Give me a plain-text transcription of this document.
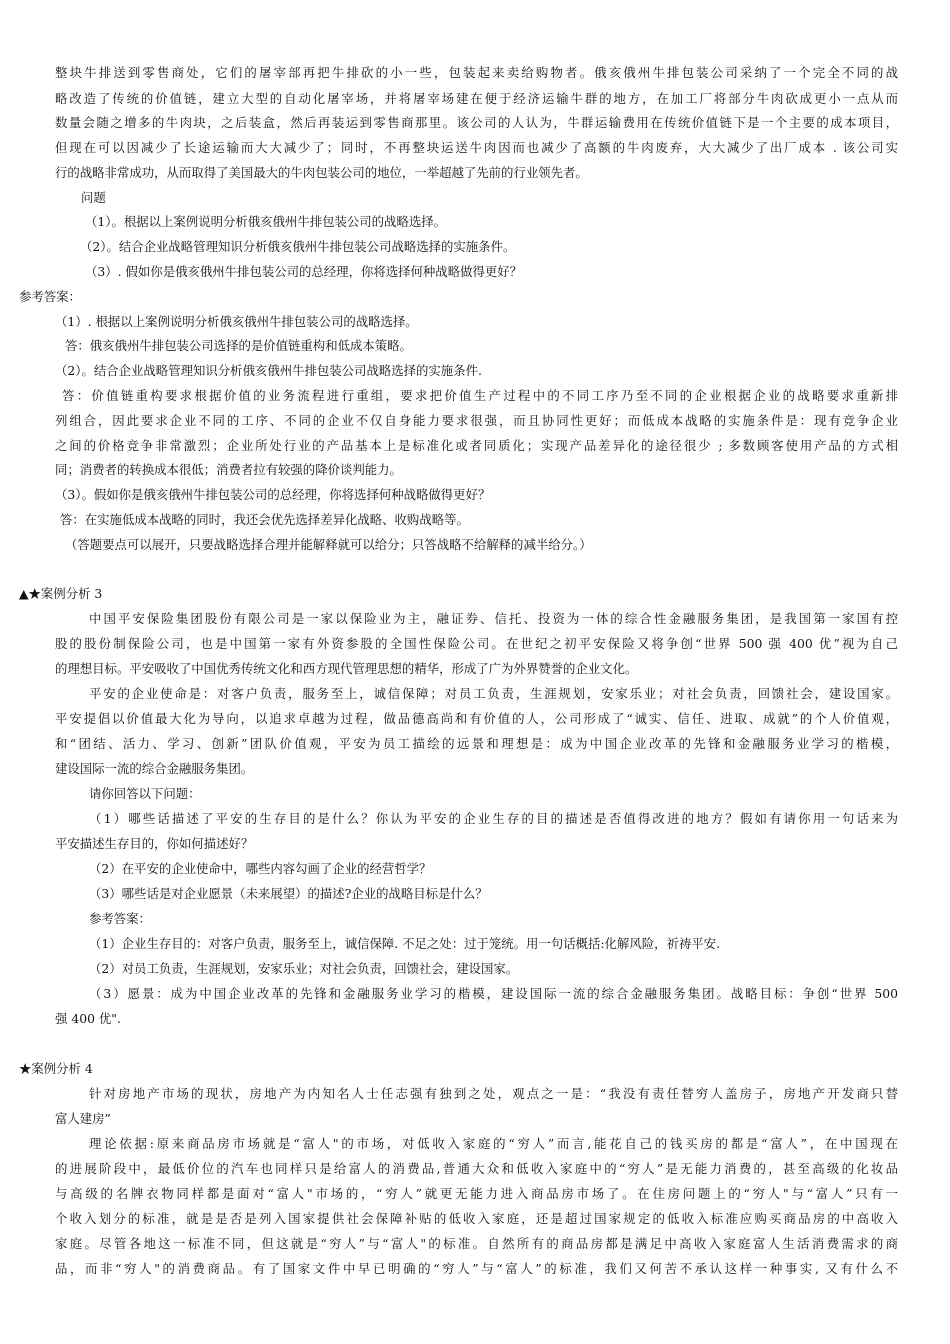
整块牛排送到零售商处，它们的屠宰部再把牛排砍的小一些，包装起来卖给购物者。俄亥俄州牛排包装公司采纳了一个完全不同的战
略改造了传统的价值链，建立大型的自动化屠宰场，并将屠宰场建在便于经济运输牛群的地方，在加工厂将部分牛肉砍成更小一点从而
数量会随之增多的牛肉块，之后装盒，然后再装运到零售商那里。该公司的人认为，牛群运输费用在传统价值链下是一个主要的成本项目，
但现在可以因减少了长途运输而大大减少了；同时，不再整块运送牛肉因而也减少了高额的牛肉废弃，大大减少了出厂成本 . 该公司实
行的战略非常成功，从而取得了美国最大的牛肉包装公司的地位，一举超越了先前的行业领先者。
问题
（1）。根据以上案例说明分析俄亥俄州牛排包装公司的战略选择。
（2）。结合企业战略管理知识分析俄亥俄州牛排包装公司战略选择的实施条件。
（3）. 假如你是俄亥俄州牛排包装公司的总经理，你将选择何种战略做得更好？
参考答案：
（1）. 根据以上案例说明分析俄亥俄州牛排包装公司的战略选择。
答：俄亥俄州牛排包装公司选择的是价值链重构和低成本策略。
（2）。结合企业战略管理知识分析俄亥俄州牛排包装公司战略选择的实施条件.
答：价值链重构要求根据价值的业务流程进行重组，要求把价值生产过程中的不同工序乃至不同的企业根据企业的战略要求重新排
列组合，因此要求企业不同的工序、不同的企业不仅自身能力要求很强，而且协同性更好；而低成本战略的实施条件是：现有竞争企业
之间的价格竞争非常激烈；企业所处行业的产品基本上是标准化或者同质化；实现产品差异化的途径很少 ; 多数顾客使用产品的方式相
同；消费者的转换成本很低；消费者拉有较强的降价谈判能力。
（3）。假如你是俄亥俄州牛排包装公司的总经理，你将选择何种战略做得更好？
答：在实施低成本战略的同时，我还会优先选择差异化战略、收购战略等。
（答题要点可以展开，只要战略选择合理并能解释就可以给分；只答战略不给解释的减半给分。）
▲★案例分析 3
中国平安保险集团股份有限公司是一家以保险业为主，融证券、信托、投资为一体的综合性金融服务集团，是我国第一家国有控
股的股份制保险公司，也是中国第一家有外资参股的全国性保险公司。在世纪之初平安保险又将争创“世界 500 强 400 优”视为自己
的理想目标。平安吸收了中国优秀传统文化和西方现代管理思想的精华，形成了广为外界赞誉的企业文化。
平安的企业使命是：对客户负责，服务至上，诚信保障；对员工负责，生涯规划，安家乐业；对社会负责，回馈社会，建设国家。
平安提倡以价值最大化为导向，以追求卓越为过程，做品德高尚和有价值的人，公司形成了“诚实、信任、进取、成就”的个人价值观，
和“团结、活力、学习、创新”团队价值观，平安为员工描绘的远景和理想是：成为中国企业改革的先锋和金融服务业学习的楷模，
建设国际一流的综合金融服务集团。
请你回答以下问题：
（1）哪些话描述了平安的生存目的是什么？你认为平安的企业生存的目的描述是否值得改进的地方？假如有请你用一句话来为
平安描述生存目的，你如何描述好？
（2）在平安的企业使命中，哪些内容勾画了企业的经营哲学？
（3）哪些话是对企业愿景（未来展望）的描述?企业的战略目标是什么？
参考答案：
（1）企业生存目的：对客户负责，服务至上，诚信保障. 不足之处：过于笼统。用一句话概括:化解风险，祈祷平安.
（2）对员工负责，生涯规划，安家乐业；对社会负责，回馈社会，建设国家。
（3）愿景：成为中国企业改革的先锋和金融服务业学习的楷模，建设国际一流的综合金融服务集团。战略目标：争创“世界 500
强 400 优".
★案例分析 4
针对房地产市场的现状，房地产为内知名人士任志强有独到之处，观点之一是：“我没有责任替穷人盖房子，房地产开发商只替
富人建房”
理论依据:原来商品房市场就是“富人"的市场，对低收入家庭的“穷人”而言,能花自己的钱买房的都是“富人”，在中国现在
的进展阶段中，最低价位的汽车也同样只是给富人的消费品,普通大众和低收入家庭中的“穷人”是无能力消费的，甚至高级的化妆品
与高级的名牌衣物同样都是面对“富人"市场的，“穷人”就更无能力进入商品房市场了。在住房问题上的“穷人"与“富人”只有一
个收入划分的标准，就是是否是列入国家提供社会保障补贴的低收入家庭，还是超过国家规定的低收入标准应购买商品房的中高收入
家庭。尽管各地这一标准不同，但这就是“穷人”与“富人"的标准。自然所有的商品房都是满足中高收入家庭富人生活消费需求的商
品，而非“穷人"的消费商品。有了国家文件中早已明确的“穷人”与“富人”的标准，我们又何苦不承认这样一种事实, 又有什么不
